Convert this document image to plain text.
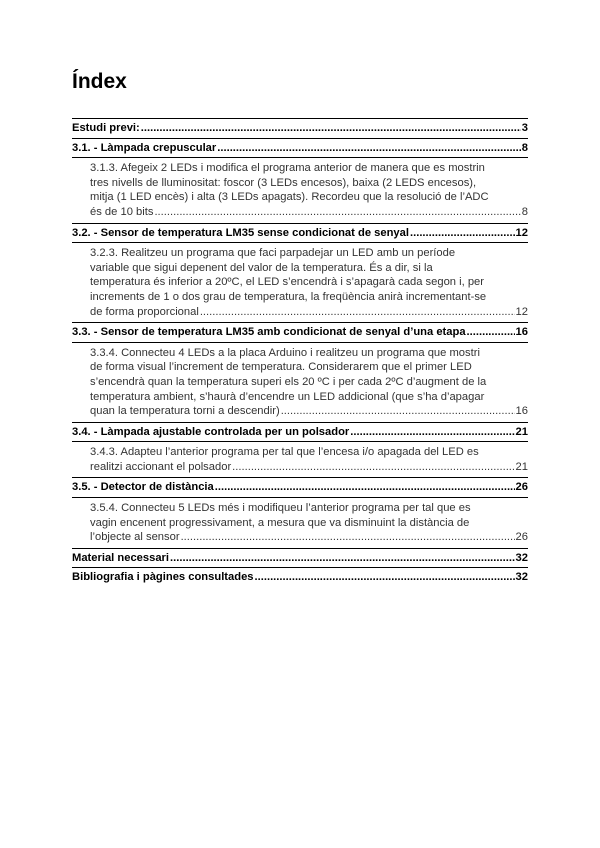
Índex
Estudi previ: .....	3
3.1. - Làmpada crepuscular .....	8
3.1.3. Afegeix 2 LEDs i modifica el programa anterior de manera que es mostrin
tres nivells de lluminositat: foscor (3 LEDs encesos), baixa (2 LEDS encesos),
mitja (1 LED encès) i alta (3 LEDs apagats). Recordeu que la resolució de l’ADC
és de 10 bits .....	8
3.2. - Sensor de temperatura LM35 sense condicionat de senyal .....	12
3.2.3. Realitzeu un programa que faci parpadejar un LED amb un període
variable que sigui depenent del valor de la temperatura. És a dir, si la
temperatura és inferior a 20ºC, el LED s’encendrà i s’apagarà cada segon i, per
increments de 1 o dos grau de temperatura, la freqüència anirà incrementant-se
de forma proporcional .....	12
3.3. - Sensor de temperatura LM35 amb condicionat de senyal d’una etapa .....	16
3.3.4. Connecteu 4 LEDs a la placa Arduino i realitzeu un programa que mostri
de forma visual l’increment de temperatura. Considerarem que el primer LED
s’encendrà quan la temperatura superi els 20 ºC i per cada 2ºC d’augment de la
temperatura ambient, s’haurà d’encendre un LED addicional (que s’ha d’apagar
quan la temperatura torni a descendir) .....	16
3.4. - Làmpada ajustable controlada per un polsador .....	21
3.4.3. Adapteu l’anterior programa per tal que l’encesa i/o apagada del LED es
realitzi accionant el polsador .....	21
3.5. - Detector de distància .....	26
3.5.4. Connecteu 5 LEDs més i modifiqueu l’anterior programa per tal que es
vagin encenent progressivament, a mesura que va disminuint la distància de
l’objecte al sensor .....	26
Material necessari .....	32
Bibliografia i pàgines consultades .....	32
